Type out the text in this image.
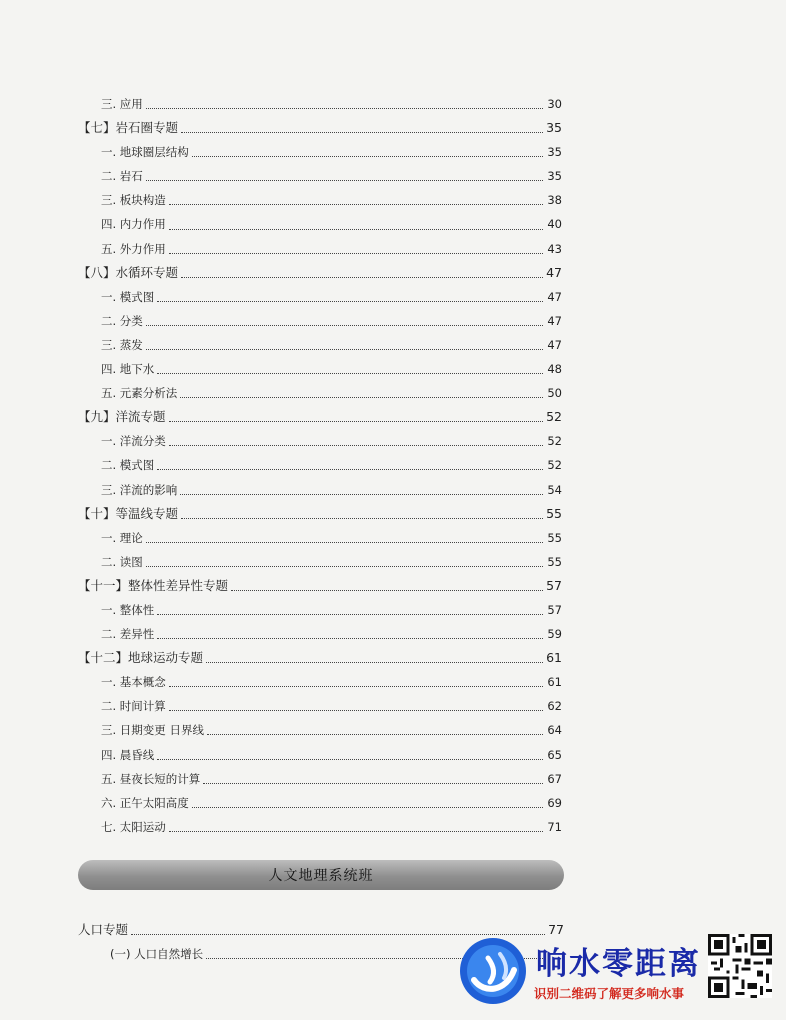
三. 应用	30
【七】岩石圈专题	35
一. 地球圈层结构	35
二. 岩石	35
三. 板块构造	38
四. 内力作用	40
五. 外力作用	43
【八】水循环专题	47
一. 模式图	47
二. 分类	47
三. 蒸发	47
四. 地下水	48
五. 元素分析法	50
【九】洋流专题	52
一. 洋流分类	52
二. 模式图	52
三. 洋流的影响	54
【十】等温线专题	55
一. 理论	55
二. 读图	55
【十一】整体性差异性专题	57
一. 整体性	57
二. 差异性	59
【十二】地球运动专题	61
一. 基本概念	61
二. 时间计算	62
三. 日期变更 日界线	64
四. 晨昏线	65
五. 昼夜长短的计算	67
六. 正午太阳高度	69
七. 太阳运动	71
人文地理系统班
人口专题	77
(一) 人口自然增长	响水零距离
识别二维码了解更多响水事
